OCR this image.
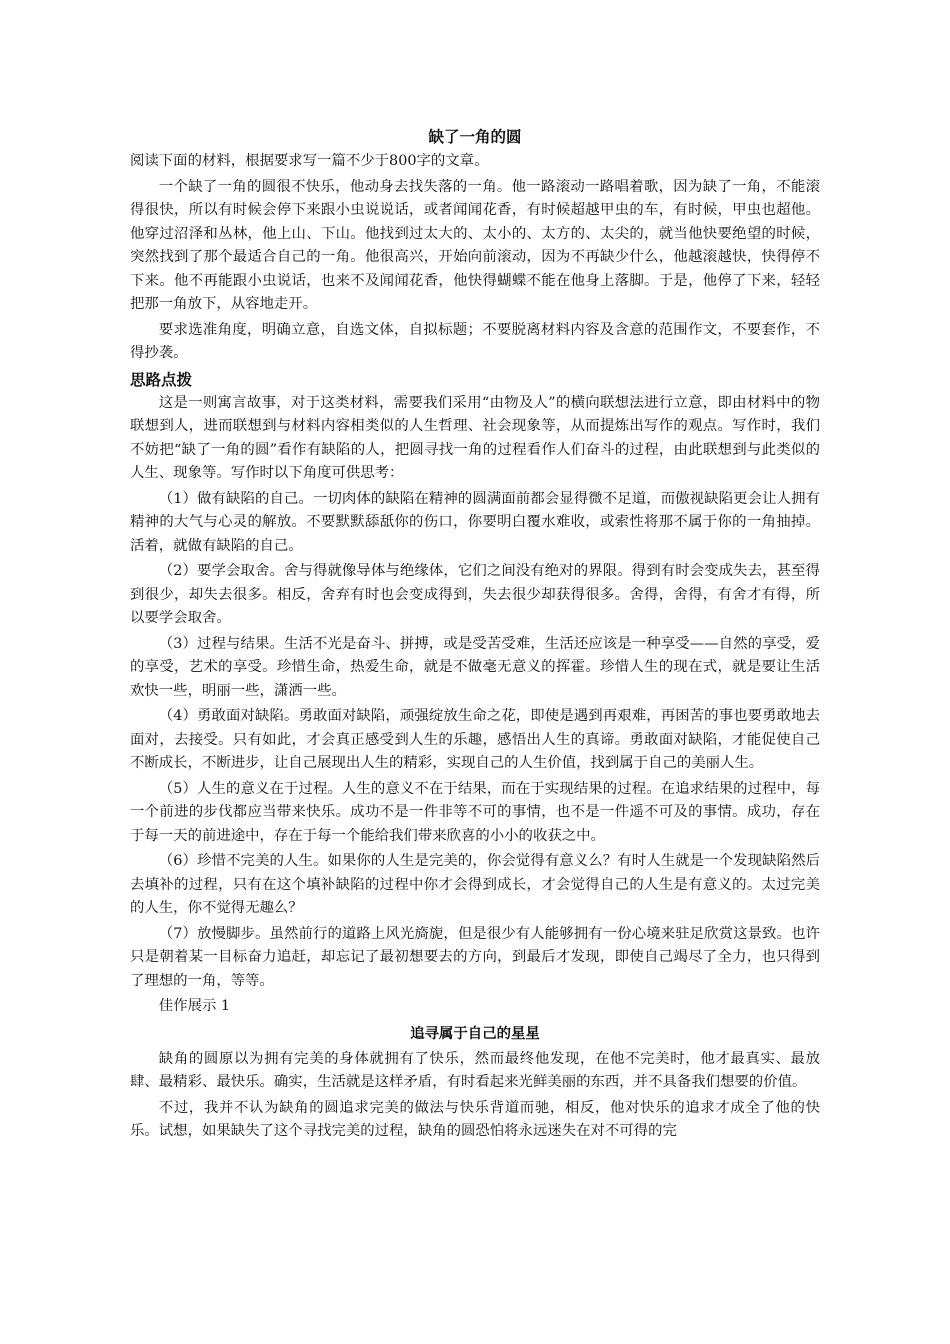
缺了一角的圆

阅读下面的材料，根据要求写一篇不少于800字的文章。

一个缺了一角的圆很不快乐，他动身去找失落的一角。他一路滚动一路唱着歌，因为缺了一角，不能滚得很快，所以有时候会停下来跟小虫说说话，或者闻闻花香，有时候超越甲虫的车，有时候，甲虫也超他。他穿过沼泽和丛林，他上山、下山。他找到过太大的、太小的、太方的、太尖的，就当他快要绝望的时候，突然找到了那个最适合自己的一角。他很高兴，开始向前滚动，因为不再缺少什么，他越滚越快，快得停不下来。他不再能跟小虫说话，也来不及闻闻花香，他快得蝴蝶不能在他身上落脚。于是，他停了下来，轻轻把那一角放下，从容地走开。

要求选准角度，明确立意，自选文体，自拟标题；不要脱离材料内容及含意的范围作文，不要套作，不得抄袭。

思路点拨

这是一则寓言故事，对于这类材料，需要我们采用“由物及人”的横向联想法进行立意，即由材料中的物联想到人，进而联想到与材料内容相类似的人生哲理、社会现象等，从而提炼出写作的观点。写作时，我们不妨把“缺了一角的圆”看作有缺陷的人，把圆寻找一角的过程看作人们奋斗的过程，由此联想到与此类似的人生、现象等。写作时以下角度可供思考：

（1）做有缺陷的自己。一切肉体的缺陷在精神的圆满面前都会显得微不足道，而傲视缺陷更会让人拥有精神的大气与心灵的解放。不要默默舔舐你的伤口，你要明白覆水难收，或索性将那不属于你的一角抽掉。活着，就做有缺陷的自己。

（2）要学会取舍。舍与得就像导体与绝缘体，它们之间没有绝对的界限。得到有时会变成失去，甚至得到很少，却失去很多。相反，舍弃有时也会变成得到，失去很少却获得很多。舍得，舍得，有舍才有得，所以要学会取舍。

（3）过程与结果。生活不光是奋斗、拼搏，或是受苦受难，生活还应该是一种享受——自然的享受，爱的享受，艺术的享受。珍惜生命，热爱生命，就是不做毫无意义的挥霍。珍惜人生的现在式，就是要让生活欢快一些，明丽一些，潇洒一些。

（4）勇敢面对缺陷。勇敢面对缺陷，顽强绽放生命之花，即使是遇到再艰难，再困苦的事也要勇敢地去面对，去接受。只有如此，才会真正感受到人生的乐趣，感悟出人生的真谛。勇敢面对缺陷，才能促使自己不断成长，不断进步，让自己展现出人生的精彩，实现自己的人生价值，找到属于自己的美丽人生。

（5）人生的意义在于过程。人生的意义不在于结果，而在于实现结果的过程。在追求结果的过程中，每一个前进的步伐都应当带来快乐。成功不是一件非等不可的事情，也不是一件遥不可及的事情。成功，存在于每一天的前进途中，存在于每一个能给我们带来欣喜的小小的收获之中。

（6）珍惜不完美的人生。如果你的人生是完美的，你会觉得有意义么？有时人生就是一个发现缺陷然后去填补的过程，只有在这个填补缺陷的过程中你才会得到成长，才会觉得自己的人生是有意义的。太过完美的人生，你不觉得无趣么？

（7）放慢脚步。虽然前行的道路上风光旖旎，但是很少有人能够拥有一份心境来驻足欣赏这景致。也许只是朝着某一目标奋力追赶，却忘记了最初想要去的方向，到最后才发现，即使自己竭尽了全力，也只得到了理想的一角，等等。

佳作展示 1

追寻属于自己的星星

缺角的圆原以为拥有完美的身体就拥有了快乐，然而最终他发现，在他不完美时，他才最真实、最放肆、最精彩、最快乐。确实，生活就是这样矛盾，有时看起来光鲜美丽的东西，并不具备我们想要的价值。

不过，我并不认为缺角的圆追求完美的做法与快乐背道而驰，相反，他对快乐的追求才成全了他的快乐。试想，如果缺失了这个寻找完美的过程，缺角的圆恐怕将永远迷失在对不可得的完
